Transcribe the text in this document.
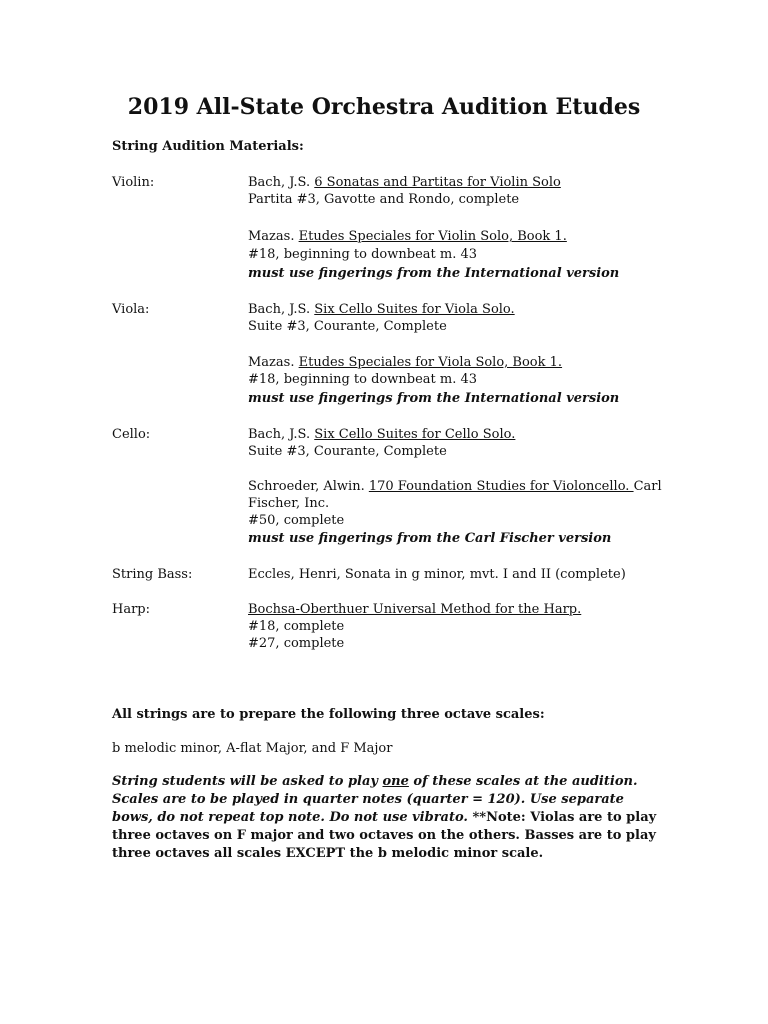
2019 All-State Orchestra Audition Etudes
String Audition Materials:
Violin:	Bach, J.S. 6 Sonatas and Partitas for Violin Solo
Partita #3, Gavotte and Rondo, complete
Mazas. Etudes Speciales for Violin Solo, Book 1.
#18, beginning to downbeat m. 43
must use fingerings from the International version
Viola:	Bach, J.S. Six Cello Suites for Viola Solo.
Suite #3, Courante, Complete
Mazas. Etudes Speciales for Viola Solo, Book 1.
#18, beginning to downbeat m. 43
must use fingerings from the International version
Cello:	Bach, J.S. Six Cello Suites for Cello Solo.
Suite #3, Courante, Complete
Schroeder, Alwin. 170 Foundation Studies for Violoncello. Carl
Fischer, Inc.
#50, complete
must use fingerings from the Carl Fischer version
String Bass:	Eccles, Henri, Sonata in g minor, mvt. I and II (complete)
Harp:	Bochsa-Oberthuer Universal Method for the Harp.
#18, complete
#27, complete
All strings are to prepare the following three octave scales:
b melodic minor, A-flat Major, and F Major
String students will be asked to play one of these scales at the audition. Scales are to be played in quarter notes (quarter = 120). Use separate bows, do not repeat top note. Do not use vibrato. **Note: Violas are to play three octaves on F major and two octaves on the others. Basses are to play three octaves all scales EXCEPT the b melodic minor scale.
